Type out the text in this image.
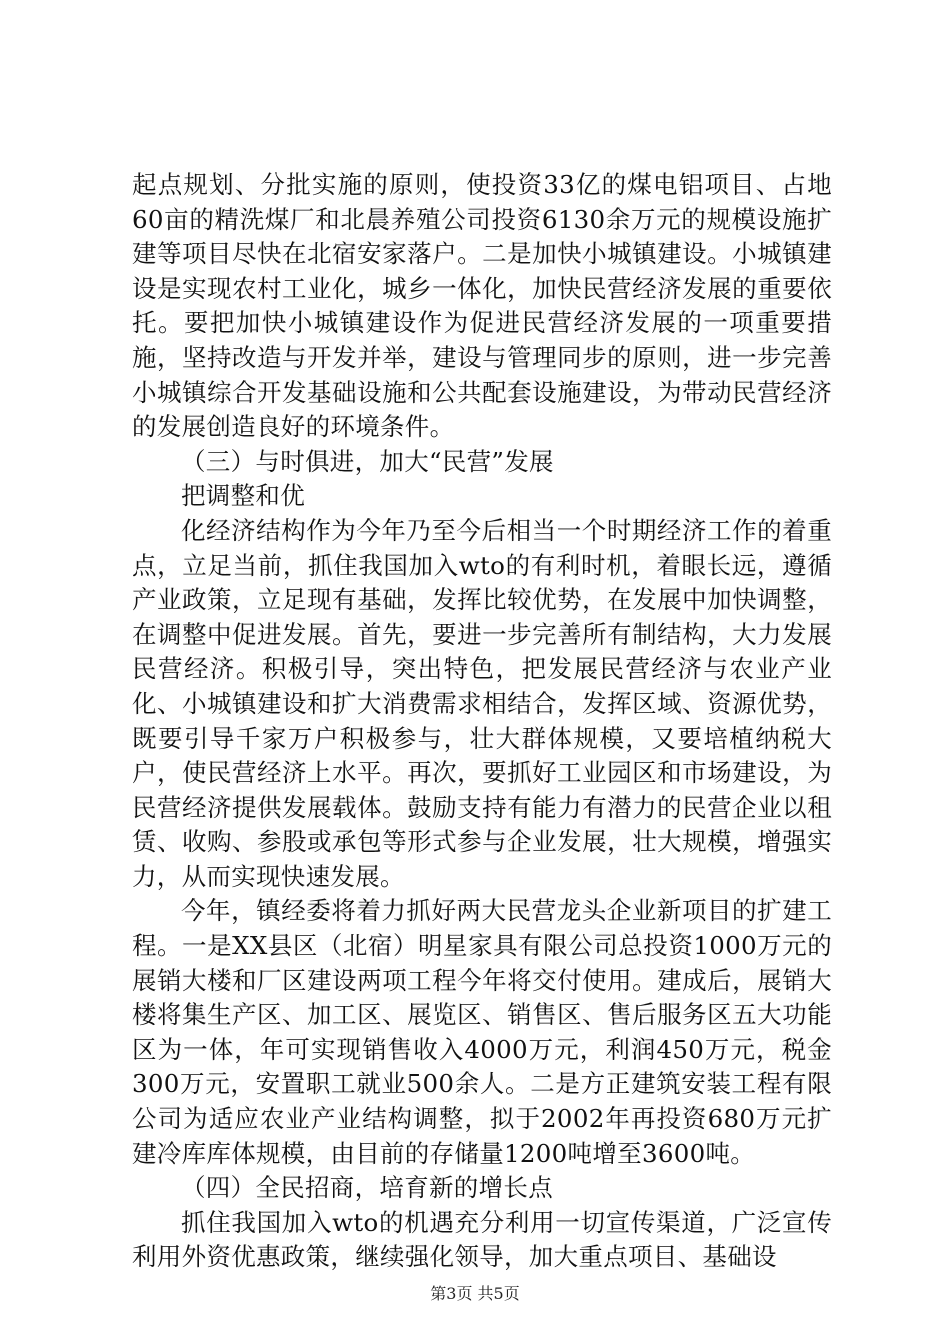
起点规划、分批实施的原则，使投资33亿的煤电铝项目、占地60亩的精洗煤厂和北晨养殖公司投资6130余万元的规模设施扩建等项目尽快在北宿安家落户。二是加快小城镇建设。小城镇建设是实现农村工业化，城乡一体化，加快民营经济发展的重要依托。要把加快小城镇建设作为促进民营经济发展的一项重要措施，坚持改造与开发并举，建设与管理同步的原则，进一步完善小城镇综合开发基础设施和公共配套设施建设，为带动民营经济的发展创造良好的环境条件。

（三）与时俱进，加大“民营”发展

把调整和优

化经济结构作为今年乃至今后相当一个时期经济工作的着重点，立足当前，抓住我国加入wto的有利时机，着眼长远，遵循产业政策，立足现有基础，发挥比较优势，在发展中加快调整，在调整中促进发展。首先，要进一步完善所有制结构，大力发展民营经济。积极引导，突出特色，把发展民营经济与农业产业化、小城镇建设和扩大消费需求相结合，发挥区域、资源优势，既要引导千家万户积极参与，壮大群体规模，又要培植纳税大户，使民营经济上水平。再次，要抓好工业园区和市场建设，为民营经济提供发展载体。鼓励支持有能力有潜力的民营企业以租赁、收购、参股或承包等形式参与企业发展，壮大规模，增强实力，从而实现快速发展。

今年，镇经委将着力抓好两大民营龙头企业新项目的扩建工程。一是XX县区（北宿）明星家具有限公司总投资1000万元的展销大楼和厂区建设两项工程今年将交付使用。建成后，展销大楼将集生产区、加工区、展览区、销售区、售后服务区五大功能区为一体，年可实现销售收入4000万元，利润450万元，税金300万元，安置职工就业500余人。二是方正建筑安装工程有限公司为适应农业产业结构调整，拟于2002年再投资680万元扩建冷库库体规模，由目前的存储量1200吨增至3600吨。

（四）全民招商，培育新的增长点

抓住我国加入wto的机遇充分利用一切宣传渠道，广泛宣传利用外资优惠政策，继续强化领导，加大重点项目、基础设

第3页 共5页
